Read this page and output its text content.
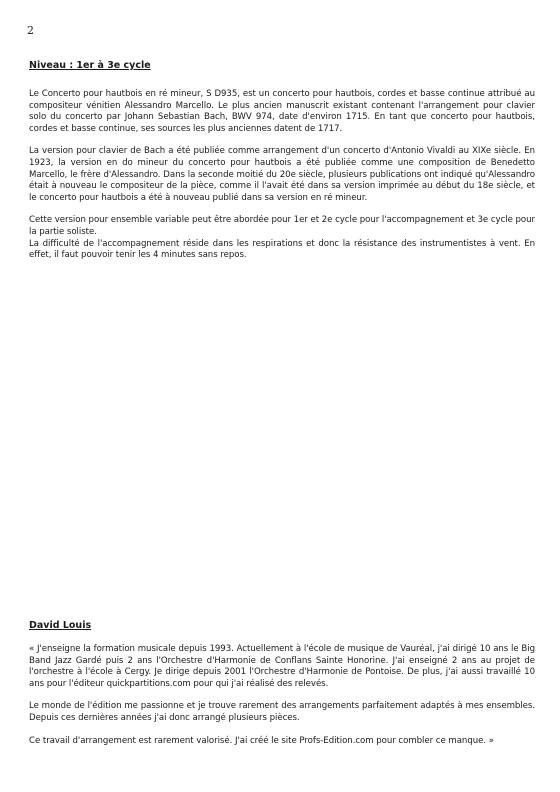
2
Niveau : 1er à 3e cycle

Le Concerto pour hautbois en ré mineur, S D935, est un concerto pour hautbois, cordes et basse continue attribué au compositeur vénitien Alessandro Marcello. Le plus ancien manuscrit existant contenant l'arrangement pour clavier solo du concerto par Johann Sebastian Bach, BWV 974, date d'environ 1715. En tant que concerto pour hautbois, cordes et basse continue, ses sources les plus anciennes datent de 1717.

La version pour clavier de Bach a été publiée comme arrangement d'un concerto d'Antonio Vivaldi au XIXe siècle. En 1923, la version en do mineur du concerto pour hautbois a été publiée comme une composition de Benedetto Marcello, le frère d'Alessandro. Dans la seconde moitié du 20e siècle, plusieurs publications ont indiqué qu'Alessandro était à nouveau le compositeur de la pièce, comme il l'avait été dans sa version imprimée au début du 18e siècle, et le concerto pour hautbois a été à nouveau publié dans sa version en ré mineur.

Cette version pour ensemble variable peut être abordée pour 1er et 2e cycle pour l'accompagnement et 3e cycle pour la partie soliste.

La difficulté de l'accompagnement réside dans les respirations et donc la résistance des instrumentistes à vent. En effet, il faut pouvoir tenir les 4 minutes sans repos.

David Louis

« J'enseigne la formation musicale depuis 1993. Actuellement à l'école de musique de Vauréal, j'ai dirigé 10 ans le Big Band Jazz Gardé puis 2 ans l'Orchestre d'Harmonie de Conflans Sainte Honorine. J'ai enseigné 2 ans au projet de l'orchestre à l'école à Cergy. Je dirige depuis 2001 l'Orchestre d'Harmonie de Pontoise. De plus, j'ai aussi travaillé 10 ans pour l'éditeur quickpartitions.com pour qui j'ai réalisé des relevés.

Le monde de l'édition me passionne et je trouve rarement des arrangements parfaitement adaptés à mes ensembles. Depuis ces dernières années j'ai donc arrangé plusieurs pièces.

Ce travail d'arrangement est rarement valorisé. J'ai créé le site Profs-Edition.com pour combler ce manque. »
